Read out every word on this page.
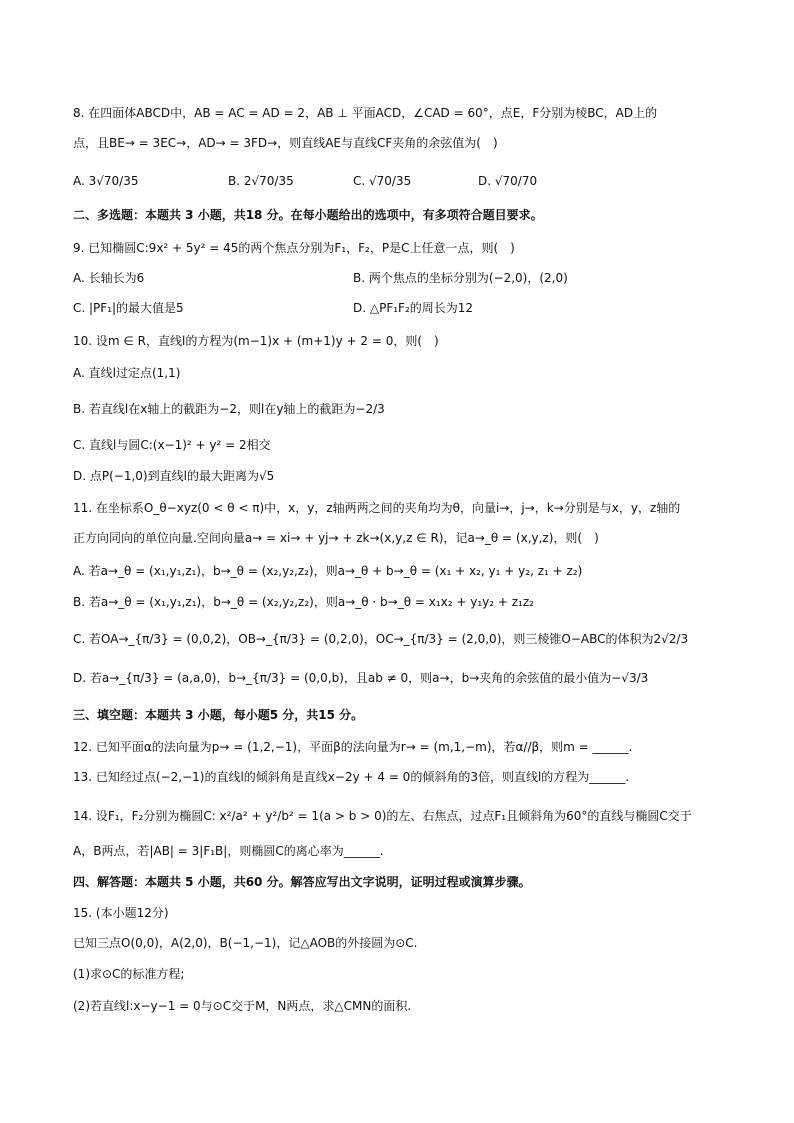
8. 在四面体ABCD中，AB = AC = AD = 2，AB ⊥ 平面ACD，∠CAD = 60°，点E，F分别为棱BC，AD上的
点，且BE→ = 3EC→，AD→ = 3FD→，则直线AE与直线CF夹角的余弦值为(　)
A. 3√70/35	B. 2√70/35	C. √70/35	D. √70/70
二、多选题：本题共 3 小题，共18 分。在每小题给出的选项中，有多项符合题目要求。
9. 已知椭圆C:9x² + 5y² = 45的两个焦点分别为F₁，F₂，P是C上任意一点，则(　)
A. 长轴长为6	B. 两个焦点的坐标分别为(−2,0)，(2,0)
C. |PF₁|的最大值是5	D. △PF₁F₂的周长为12
10. 设m ∈ R，直线l的方程为(m−1)x + (m+1)y + 2 = 0，则(　)
A. 直线l过定点(1,1)
B. 若直线l在x轴上的截距为−2，则l在y轴上的截距为−2/3
C. 直线l与圆C:(x−1)² + y² = 2相交
D. 点P(−1,0)到直线l的最大距离为√5
11. 在坐标系O_θ−xyz(0 < θ < π)中，x，y，z轴两两之间的夹角均为θ，向量i→，j→，k→分别是与x，y，z轴的
正方向同向的单位向量.空间向量a→ = xi→ + yj→ + zk→(x,y,z ∈ R)，记a→_θ = (x,y,z)，则(　)
A. 若a→_θ = (x₁,y₁,z₁)，b→_θ = (x₂,y₂,z₂)，则a→_θ + b→_θ = (x₁ + x₂, y₁ + y₂, z₁ + z₂)
B. 若a→_θ = (x₁,y₁,z₁)，b→_θ = (x₂,y₂,z₂)，则a→_θ · b→_θ = x₁x₂ + y₁y₂ + z₁z₂
C. 若OA→_{π/3} = (0,0,2)，OB→_{π/3} = (0,2,0)，OC→_{π/3} = (2,0,0)，则三棱锥O−ABC的体积为2√2/3
D. 若a→_{π/3} = (a,a,0)，b→_{π/3} = (0,0,b)，且ab ≠ 0，则a→，b→夹角的余弦值的最小值为−√3/3
三、填空题：本题共 3 小题，每小题5 分，共15 分。
12. 已知平面α的法向量为p→ = (1,2,−1)，平面β的法向量为r→ = (m,1,−m)，若α//β，则m = ______.
13. 已知经过点(−2,−1)的直线l的倾斜角是直线x−2y + 4 = 0的倾斜角的3倍，则直线l的方程为______.
14. 设F₁，F₂分别为椭圆C: x²/a² + y²/b² = 1(a > b > 0)的左、右焦点，过点F₁且倾斜角为60°的直线与椭圆C交于
A，B两点，若|AB| = 3|F₁B|，则椭圆C的离心率为______.
四、解答题：本题共 5 小题，共60 分。解答应写出文字说明，证明过程或演算步骤。
15. (本小题12分)
已知三点O(0,0)，A(2,0)，B(−1,−1)，记△AOB的外接圆为⊙C.
(1)求⊙C的标准方程;
(2)若直线l:x−y−1 = 0与⊙C交于M，N两点，求△CMN的面积.
